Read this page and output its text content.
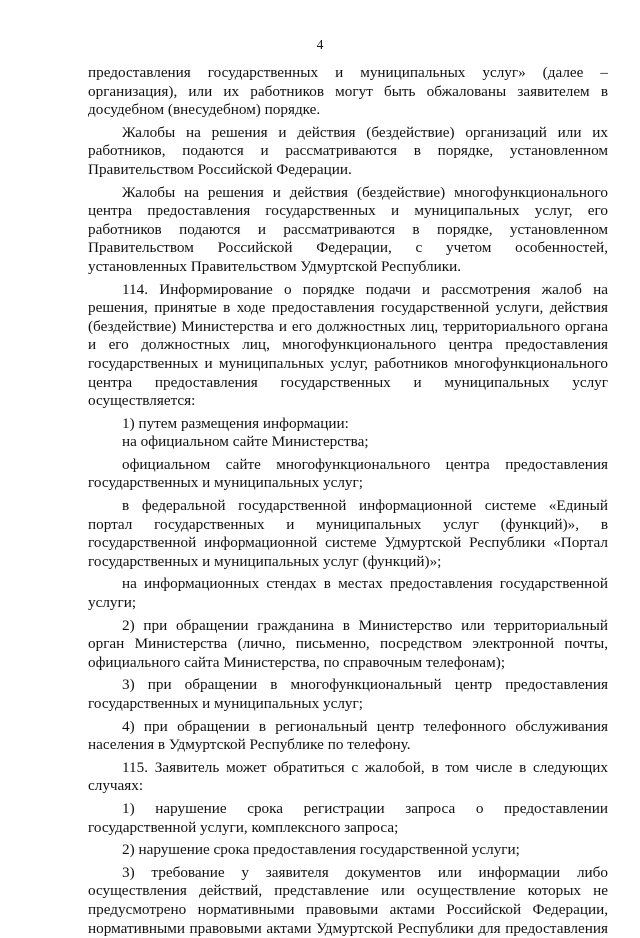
4
предоставления государственных и муниципальных услуг» (далее –
организация), или их работников могут быть обжалованы заявителем в
досудебном (внесудебном) порядке.
Жалобы на решения и действия (бездействие) организаций или их
работников, подаются и рассматриваются в порядке, установленном
Правительством Российской Федерации.
Жалобы на решения и действия (бездействие) многофункционального
центра предоставления государственных и муниципальных услуг, его
работников подаются и рассматриваются в порядке, установленном
Правительством Российской Федерации, с учетом особенностей,
установленных Правительством Удмуртской Республики.
114. Информирование о порядке подачи и рассмотрения жалоб на
решения, принятые в ходе предоставления государственной услуги, действия
(бездействие) Министерства и его должностных лиц, территориального органа
и его должностных лиц, многофункционального центра предоставления
государственных и муниципальных услуг, работников многофункционального
центра предоставления государственных и муниципальных услуг
осуществляется:
1) путем размещения информации:
на официальном сайте Министерства;
официальном сайте многофункционального центра предоставления
государственных и муниципальных услуг;
в федеральной государственной информационной системе «Единый
портал государственных и муниципальных услуг (функций)», в
государственной информационной системе Удмуртской Республики «Портал
государственных и муниципальных услуг (функций)»;
на информационных стендах в местах предоставления государственной
услуги;
2) при обращении гражданина в Министерство или территориальный
орган Министерства (лично, письменно, посредством электронной почты,
официального сайта Министерства, по справочным телефонам);
3) при обращении в многофункциональный центр предоставления
государственных и муниципальных услуг;
4) при обращении в региональный центр телефонного обслуживания
населения в Удмуртской Республике по телефону.
115. Заявитель может обратиться с жалобой, в том числе в следующих
случаях:
1) нарушение срока регистрации запроса о предоставлении
государственной услуги, комплексного запроса;
2) нарушение срока предоставления государственной услуги;
3) требование у заявителя документов или информации либо
осуществления действий, представление или осуществление которых не
предусмотрено нормативными правовыми актами Российской Федерации,
нормативными правовыми актами Удмуртской Республики для предоставления
